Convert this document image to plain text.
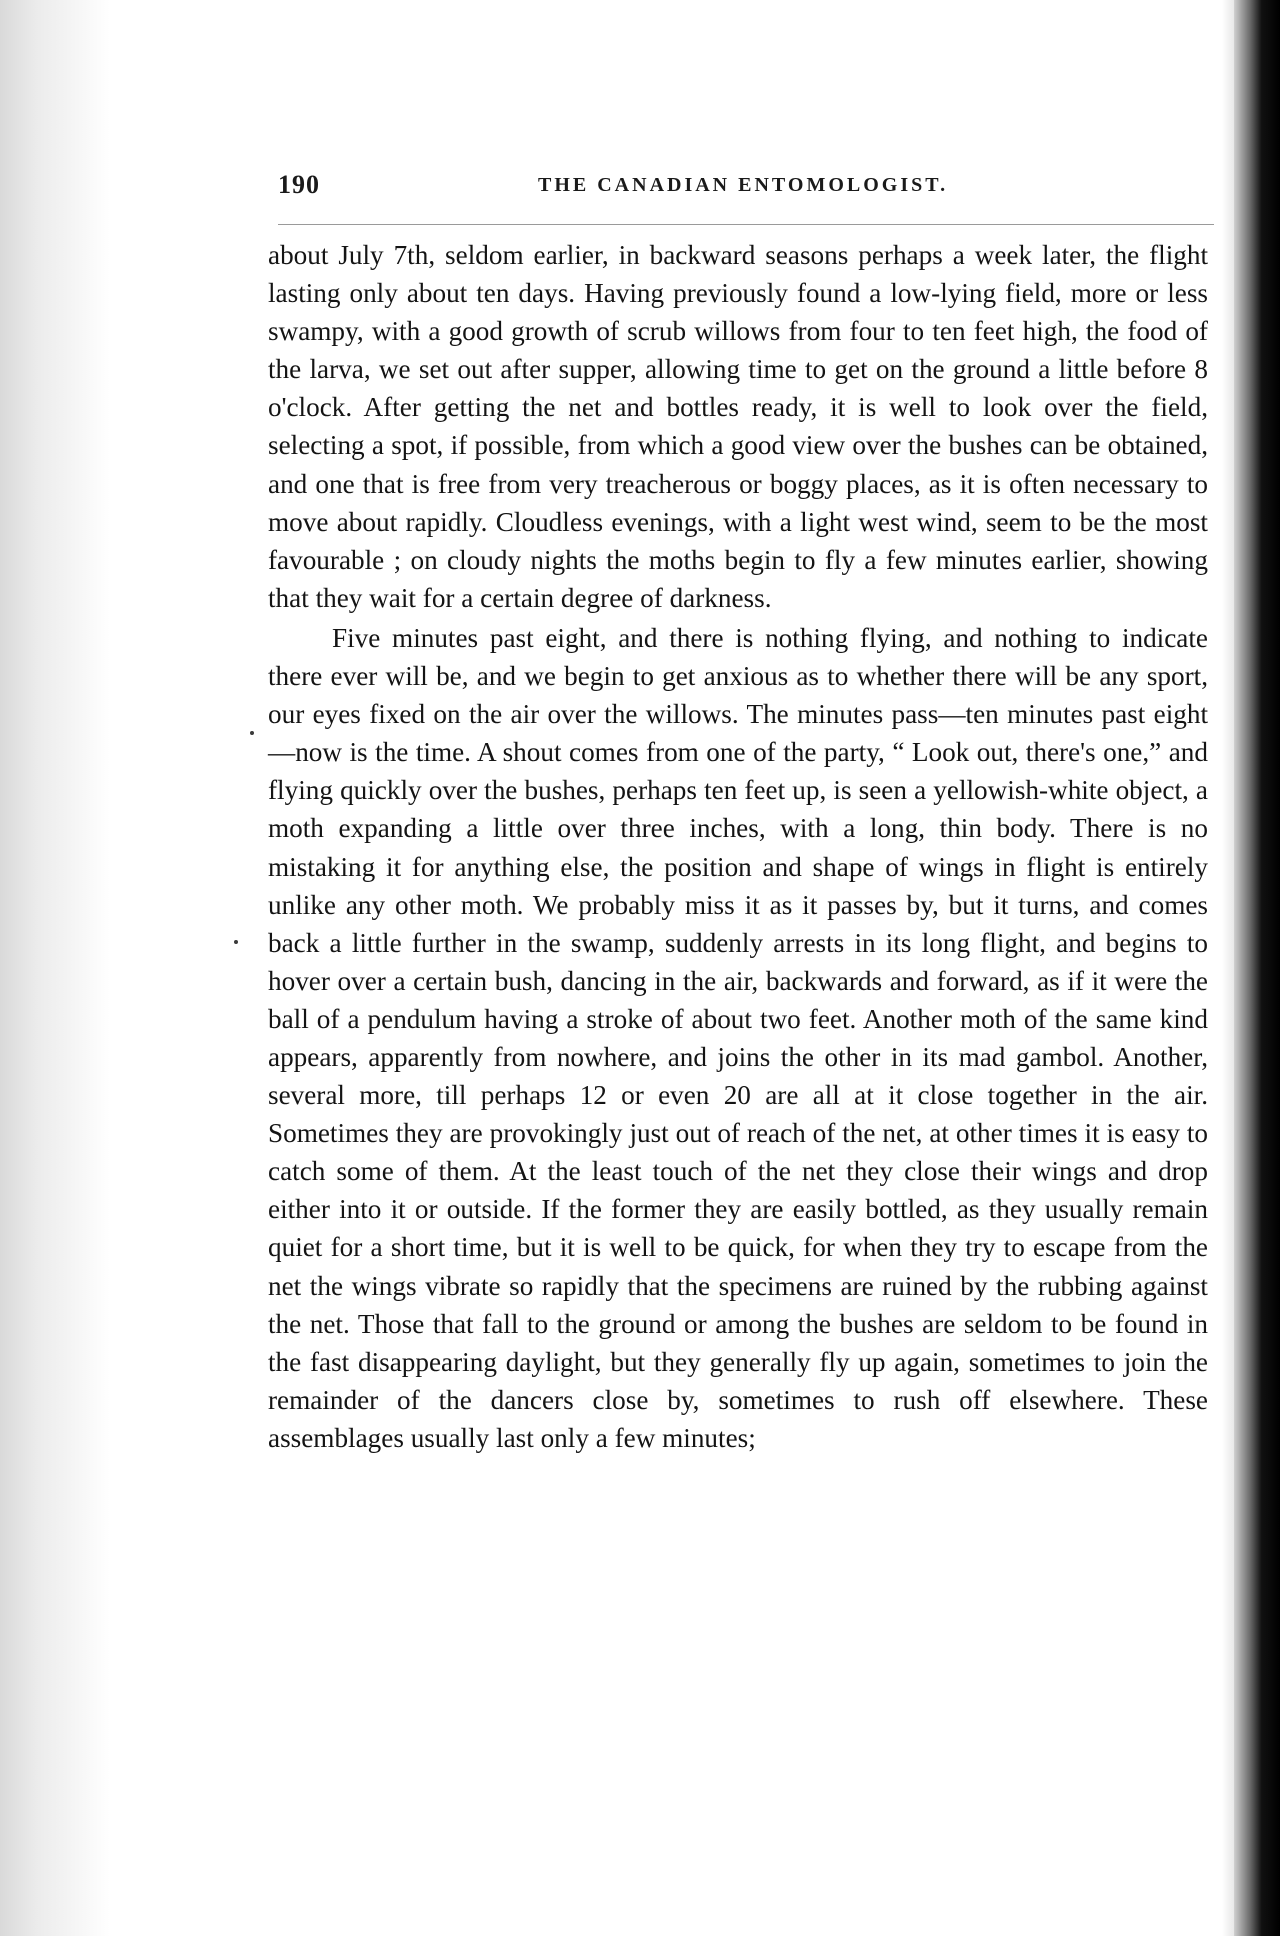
190	THE CANADIAN ENTOMOLOGIST.

about July 7th, seldom earlier, in backward seasons perhaps a week later, the flight lasting only about ten days. Having previously found a low-lying field, more or less swampy, with a good growth of scrub willows from four to ten feet high, the food of the larva, we set out after supper, allowing time to get on the ground a little before 8 o'clock. After getting the net and bottles ready, it is well to look over the field, selecting a spot, if possible, from which a good view over the bushes can be obtained, and one that is free from very treacherous or boggy places, as it is often necessary to move about rapidly. Cloudless evenings, with a light west wind, seem to be the most favourable ; on cloudy nights the moths begin to fly a few minutes earlier, showing that they wait for a certain degree of darkness.

Five minutes past eight, and there is nothing flying, and nothing to indicate there ever will be, and we begin to get anxious as to whether there will be any sport, our eyes fixed on the air over the willows. The minutes pass—ten minutes past eight—now is the time. A shout comes from one of the party, “ Look out, there's one,” and flying quickly over the bushes, perhaps ten feet up, is seen a yellowish-white object, a moth expanding a little over three inches, with a long, thin body. There is no mistaking it for anything else, the position and shape of wings in flight is entirely unlike any other moth. We probably miss it as it passes by, but it turns, and comes back a little further in the swamp, suddenly arrests in its long flight, and begins to hover over a certain bush, dancing in the air, backwards and forward, as if it were the ball of a pendulum having a stroke of about two feet. Another moth of the same kind appears, apparently from nowhere, and joins the other in its mad gambol. Another, several more, till perhaps 12 or even 20 are all at it close together in the air. Sometimes they are provokingly just out of reach of the net, at other times it is easy to catch some of them. At the least touch of the net they close their wings and drop either into it or outside. If the former they are easily bottled, as they usually remain quiet for a short time, but it is well to be quick, for when they try to escape from the net the wings vibrate so rapidly that the specimens are ruined by the rubbing against the net. Those that fall to the ground or among the bushes are seldom to be found in the fast disappearing daylight, but they generally fly up again, sometimes to join the remainder of the dancers close by, sometimes to rush off elsewhere. These assemblages usually last only a few minutes;
